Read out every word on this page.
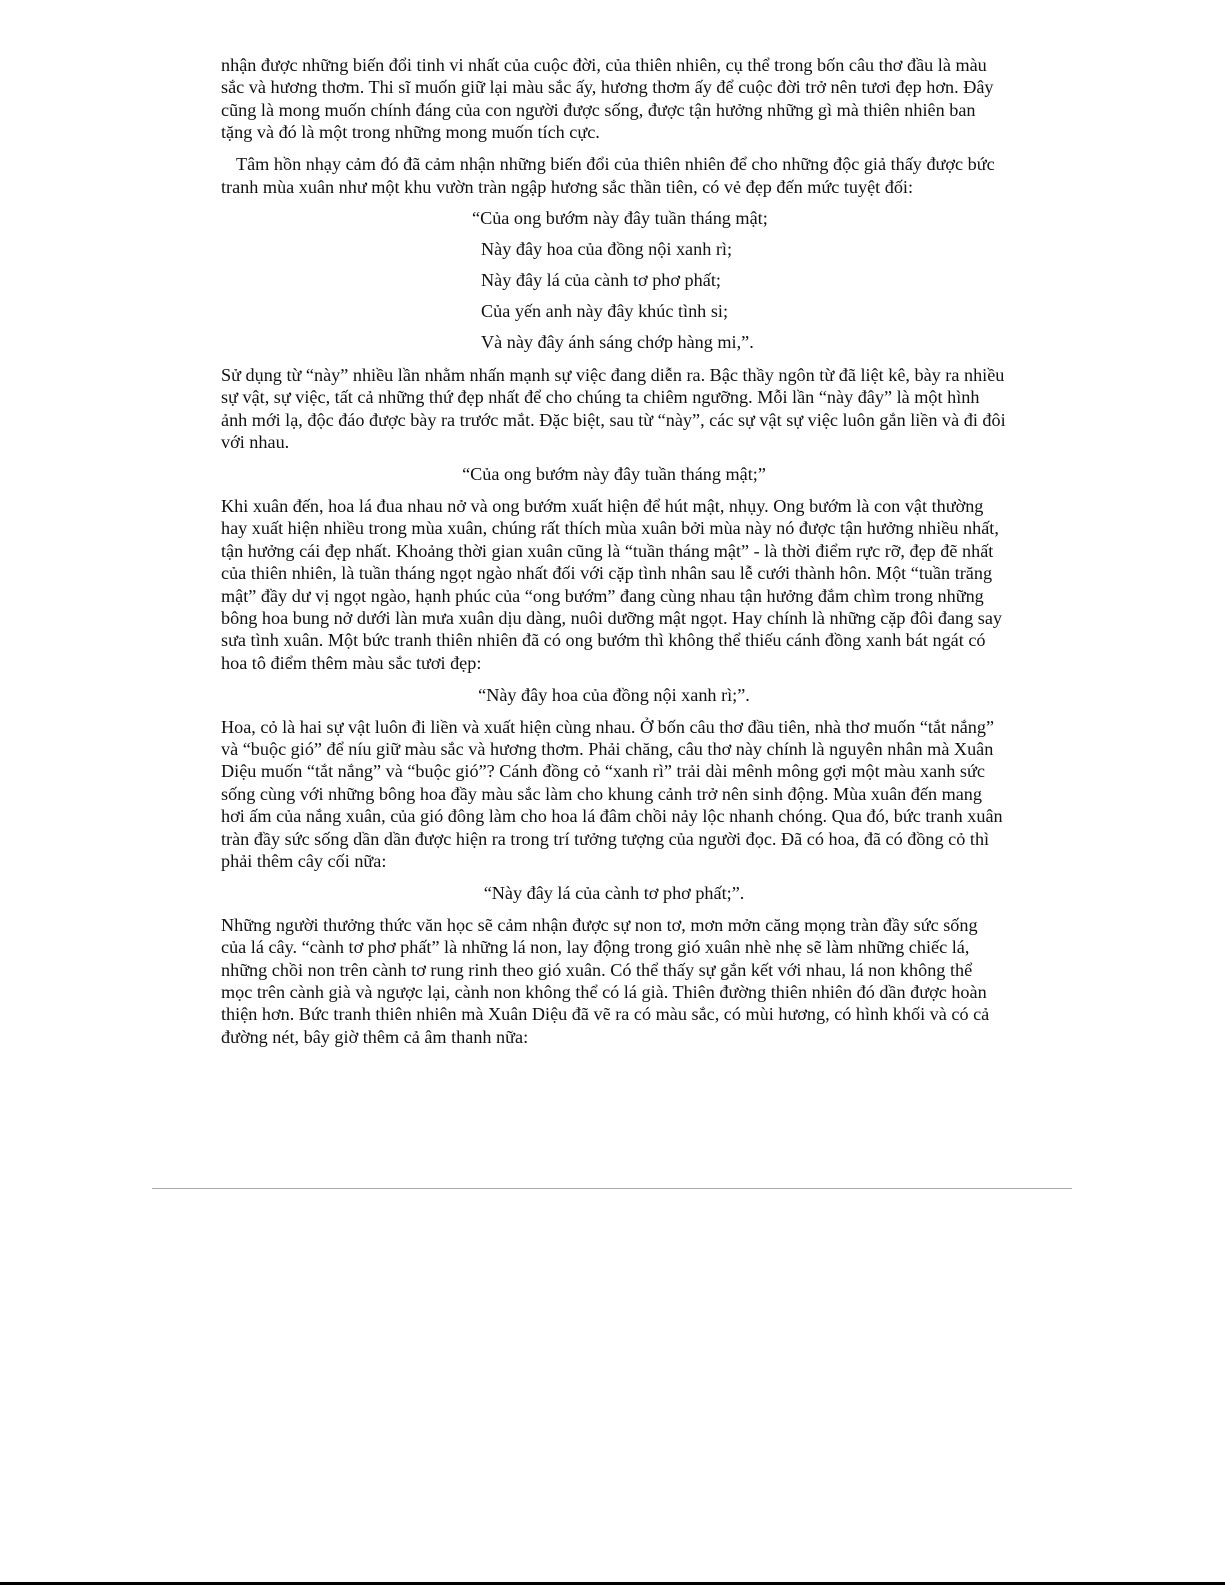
nhận được những biến đổi tinh vi nhất của cuộc đời, của thiên nhiên, cụ thể trong bốn câu thơ đầu là màu sắc và hương thơm. Thi sĩ muốn giữ lại màu sắc ấy, hương thơm ấy để cuộc đời trở nên tươi đẹp hơn. Đây cũng là mong muốn chính đáng của con người được sống, được tận hưởng những gì mà thiên nhiên ban tặng và đó là một trong những mong muốn tích cực.

Tâm hồn nhạy cảm đó đã cảm nhận những biến đổi của thiên nhiên để cho những độc giả thấy được bức tranh mùa xuân như một khu vườn tràn ngập hương sắc thần tiên, có vẻ đẹp đến mức tuyệt đối:

“Của ong bướm này đây tuần tháng mật;
Này đây hoa của đồng nội xanh rì;
Này đây lá của cành tơ phơ phất;
Của yến anh này đây khúc tình si;
Và này đây ánh sáng chớp hàng mi,”.

Sử dụng từ “này” nhiều lần nhằm nhấn mạnh sự việc đang diễn ra. Bậc thầy ngôn từ đã liệt kê, bày ra nhiều sự vật, sự việc, tất cả những thứ đẹp nhất để cho chúng ta chiêm ngưỡng. Mỗi lần “này đây” là một hình ảnh mới lạ, độc đáo được bày ra trước mắt. Đặc biệt, sau từ “này”, các sự vật sự việc luôn gắn liền và đi đôi với nhau.

“Của ong bướm này đây tuần tháng mật;”

Khi xuân đến, hoa lá đua nhau nở và ong bướm xuất hiện để hút mật, nhụy. Ong bướm là con vật thường hay xuất hiện nhiều trong mùa xuân, chúng rất thích mùa xuân bởi mùa này nó được tận hưởng nhiều nhất, tận hưởng cái đẹp nhất. Khoảng thời gian xuân cũng là “tuần tháng mật” - là thời điểm rực rỡ, đẹp đẽ nhất của thiên nhiên, là tuần tháng ngọt ngào nhất đối với cặp tình nhân sau lễ cưới thành hôn. Một “tuần trăng mật” đầy dư vị ngọt ngào, hạnh phúc của “ong bướm” đang cùng nhau tận hưởng đắm chìm trong những bông hoa bung nở dưới làn mưa xuân dịu dàng, nuôi dưỡng mật ngọt. Hay chính là những cặp đôi đang say sưa tình xuân. Một bức tranh thiên nhiên đã có ong bướm thì không thể thiếu cánh đồng xanh bát ngát có hoa tô điểm thêm màu sắc tươi đẹp:

“Này đây hoa của đồng nội xanh rì;”.

Hoa, cỏ là hai sự vật luôn đi liền và xuất hiện cùng nhau. Ở bốn câu thơ đầu tiên, nhà thơ muốn “tắt nắng” và “buộc gió” để níu giữ màu sắc và hương thơm. Phải chăng, câu thơ này chính là nguyên nhân mà Xuân Diệu muốn “tắt nắng” và “buộc gió”? Cánh đồng cỏ “xanh rì” trải dài mênh mông gợi một màu xanh sức sống cùng với những bông hoa đầy màu sắc làm cho khung cảnh trở nên sinh động. Mùa xuân đến mang hơi ấm của nắng xuân, của gió đông làm cho hoa lá đâm chồi nảy lộc nhanh chóng. Qua đó, bức tranh xuân tràn đầy sức sống dần dần được hiện ra trong trí tưởng tượng của người đọc. Đã có hoa, đã có đồng cỏ thì phải thêm cây cối nữa:

“Này đây lá của cành tơ phơ phất;”.

Những người thưởng thức văn học sẽ cảm nhận được sự non tơ, mơn mởn căng mọng tràn đầy sức sống của lá cây. “cành tơ phơ phất” là những lá non, lay động trong gió xuân nhè nhẹ sẽ làm những chiếc lá, những chồi non trên cành tơ rung rinh theo gió xuân. Có thể thấy sự gắn kết với nhau, lá non không thể mọc trên cành già và ngược lại, cành non không thể có lá già. Thiên đường thiên nhiên đó dần được hoàn thiện hơn. Bức tranh thiên nhiên mà Xuân Diệu đã vẽ ra có màu sắc, có mùi hương, có hình khối và có cả đường nét, bây giờ thêm cả âm thanh nữa:
